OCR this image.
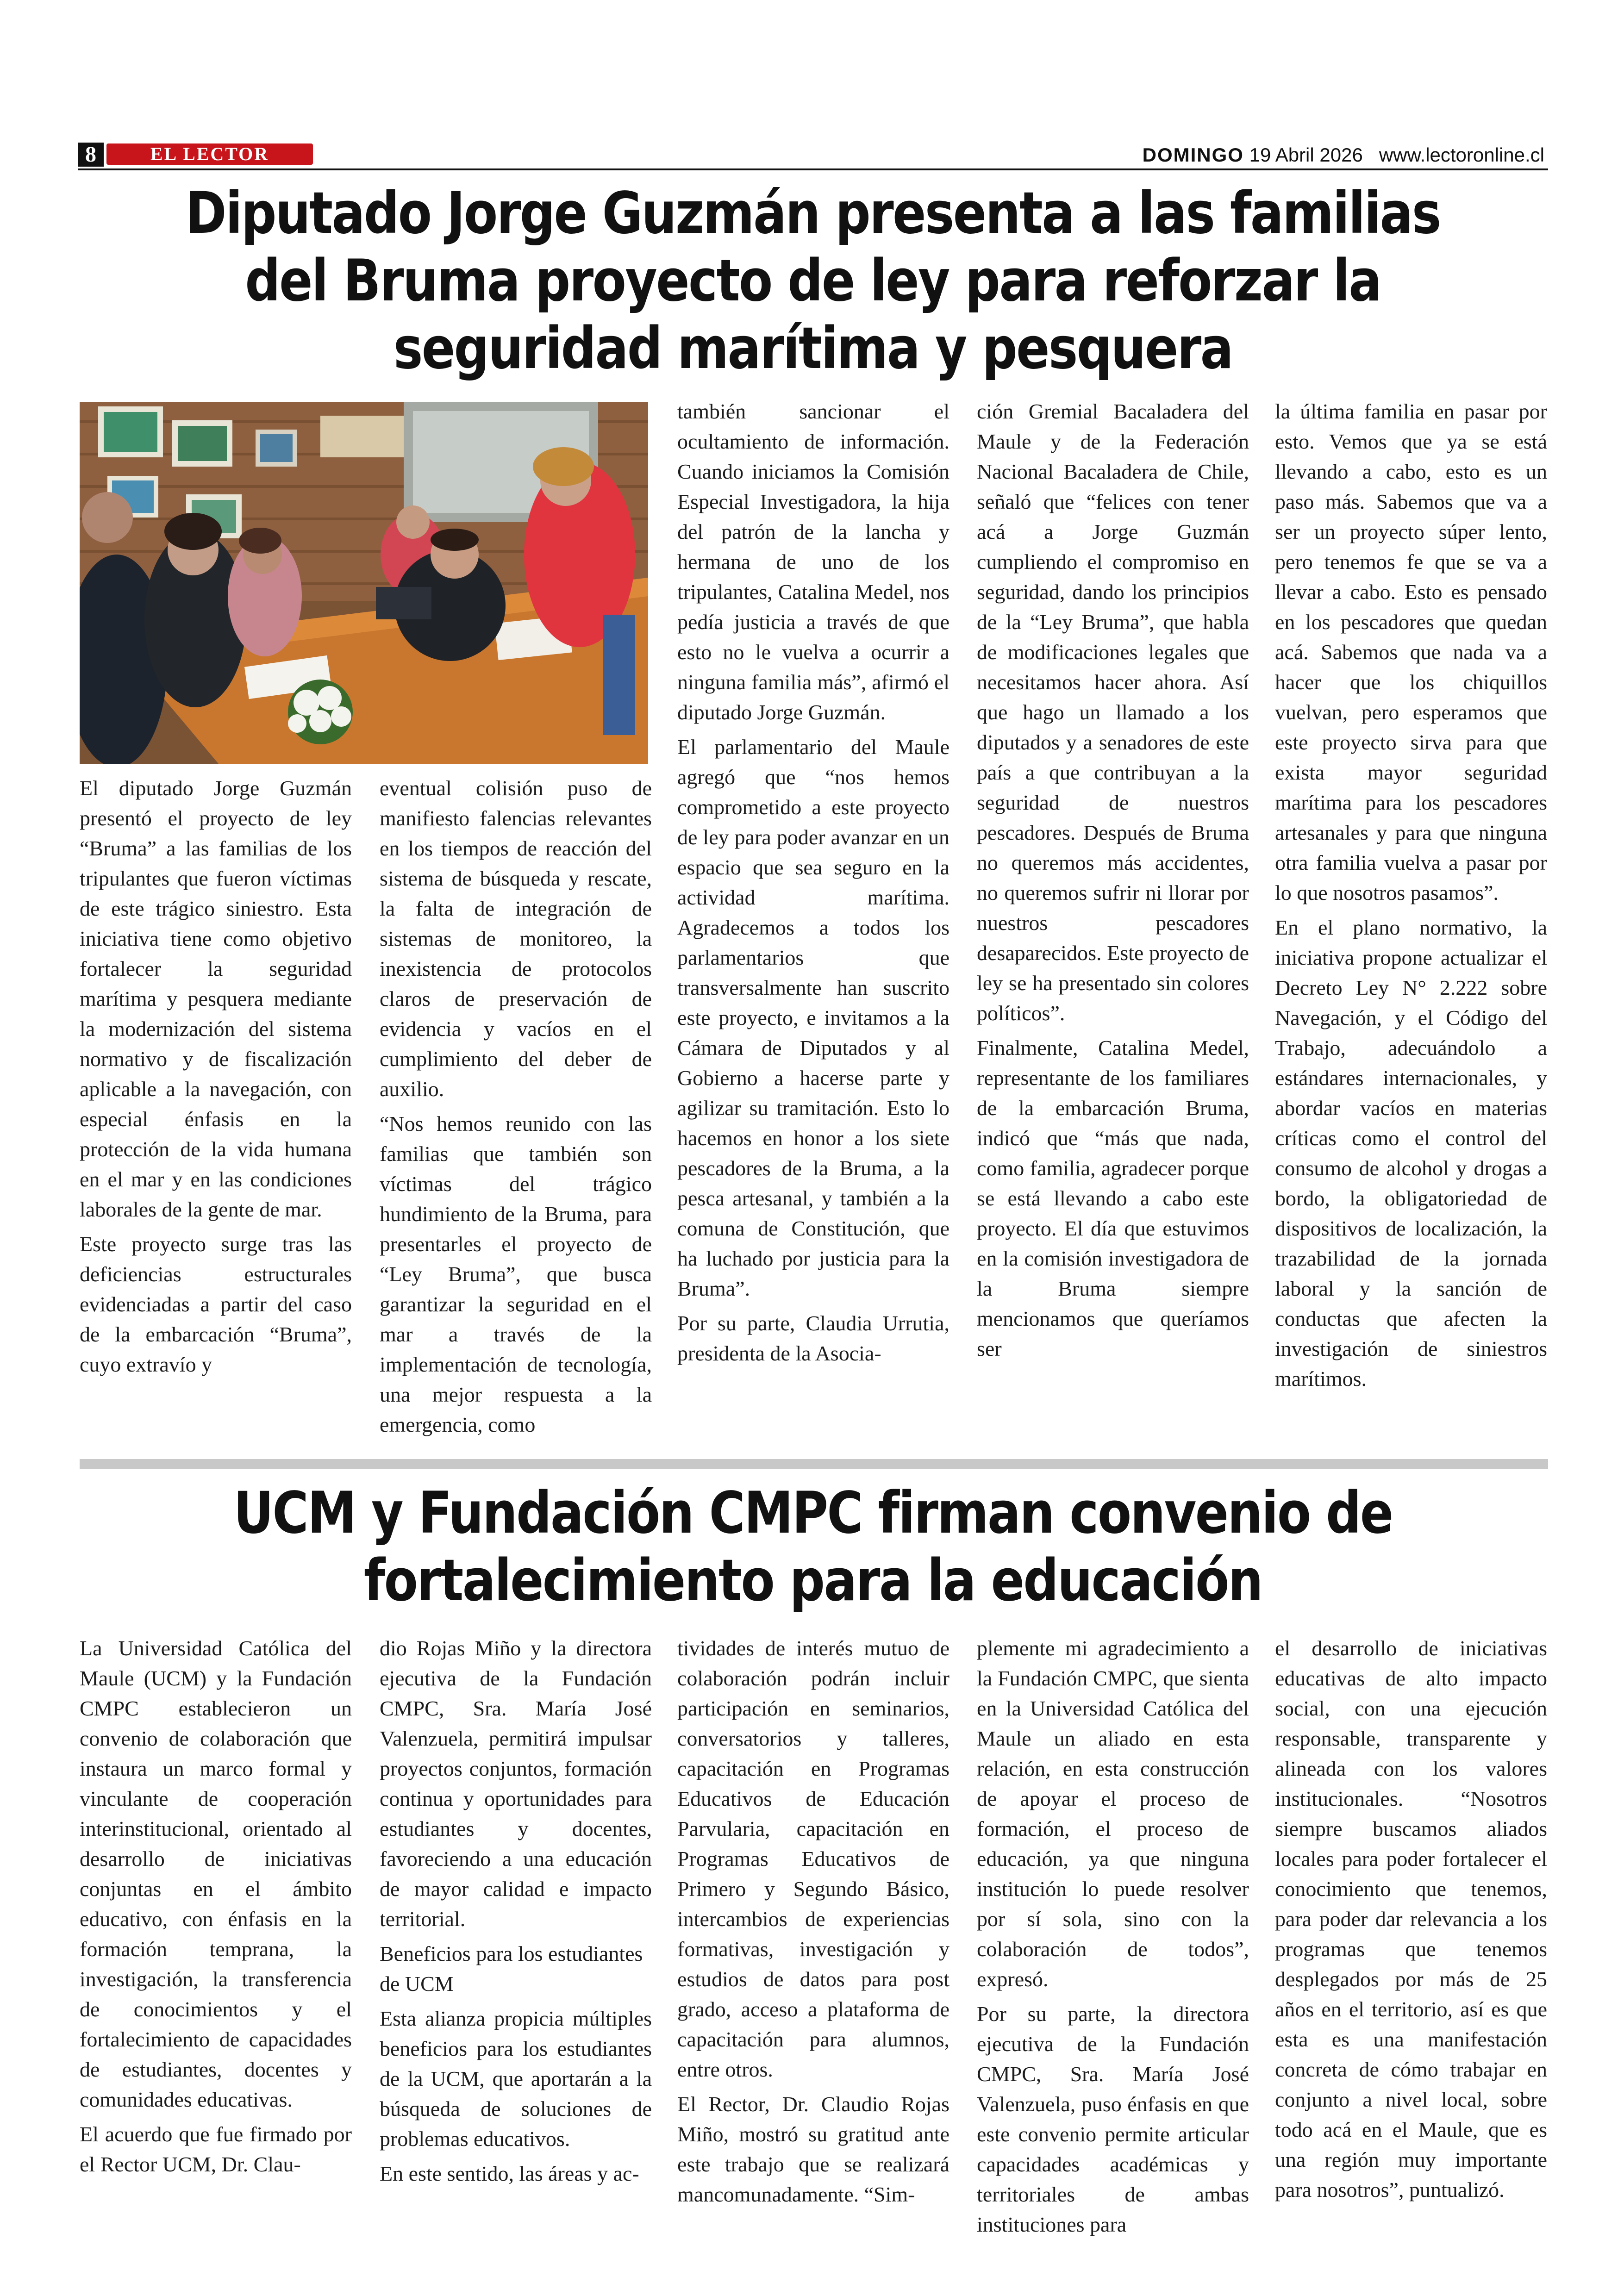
8	EL LECTOR	DOMINGO 19 Abril 2026 www.lectoronline.cl
Diputado Jorge Guzmán presenta a las familias del Bruma proyecto de ley para reforzar la seguridad marítima y pesquera

El diputado Jorge Guzmán presentó el proyecto de ley “Bruma” a las familias de los tripulantes que fueron víctimas de este trágico siniestro. Esta iniciativa tiene como objetivo fortalecer la seguridad marítima y pesquera mediante la modernización del sistema normativo y de fiscalización aplicable a la navegación, con especial énfasis en la protección de la vida humana en el mar y en las condiciones laborales de la gente de mar.

Este proyecto surge tras las deficiencias estructurales evidenciadas a partir del caso de la embarcación “Bruma”, cuyo extravío y

eventual colisión puso de manifiesto falencias relevantes en los tiempos de reacción del sistema de búsqueda y rescate, la falta de integración de sistemas de monitoreo, la inexistencia de protocolos claros de preservación de evidencia y vacíos en el cumplimiento del deber de auxilio.

“Nos hemos reunido con las familias que también son víctimas del trágico hundimiento de la Bruma, para presentarles el proyecto de “Ley Bruma”, que busca garantizar la seguridad en el mar a través de la implementación de tecnología, una mejor respuesta a la emergencia, como

también sancionar el ocultamiento de información. Cuando iniciamos la Comisión Especial Investigadora, la hija del patrón de la lancha y hermana de uno de los tripulantes, Catalina Medel, nos pedía justicia a través de que esto no le vuelva a ocurrir a ninguna familia más”, afirmó el diputado Jorge Guzmán.

El parlamentario del Maule agregó que “nos hemos comprometido a este proyecto de ley para poder avanzar en un espacio que sea seguro en la actividad marítima. Agradecemos a todos los parlamentarios que transversalmente han suscrito este proyecto, e invitamos a la Cámara de Diputados y al Gobierno a hacerse parte y agilizar su tramitación. Esto lo hacemos en honor a los siete pescadores de la Bruma, a la pesca artesanal, y también a la comuna de Constitución, que ha luchado por justicia para la Bruma”.

Por su parte, Claudia Urrutia, presidenta de la Asocia-

ción Gremial Bacaladera del Maule y de la Federación Nacional Bacaladera de Chile, señaló que “felices con tener acá a Jorge Guzmán cumpliendo el compromiso en seguridad, dando los principios de la “Ley Bruma”, que habla de modificaciones legales que necesitamos hacer ahora. Así que hago un llamado a los diputados y a senadores de este país a que contribuyan a la seguridad de nuestros pescadores. Después de Bruma no queremos más accidentes, no queremos sufrir ni llorar por nuestros pescadores desaparecidos. Este proyecto de ley se ha presentado sin colores políticos”.

Finalmente, Catalina Medel, representante de los familiares de la embarcación Bruma, indicó que “más que nada, como familia, agradecer porque se está llevando a cabo este proyecto. El día que estuvimos en la comisión investigadora de la Bruma siempre mencionamos que queríamos ser

la última familia en pasar por esto. Vemos que ya se está llevando a cabo, esto es un paso más. Sabemos que va a ser un proyecto súper lento, pero tenemos fe que se va a llevar a cabo. Esto es pensado en los pescadores que quedan acá. Sabemos que nada va a hacer que los chiquillos vuelvan, pero esperamos que este proyecto sirva para que exista mayor seguridad marítima para los pescadores artesanales y para que ninguna otra familia vuelva a pasar por lo que nosotros pasamos”.

En el plano normativo, la iniciativa propone actualizar el Decreto Ley N° 2.222 sobre Navegación, y el Código del Trabajo, adecuándolo a estándares internacionales, y abordar vacíos en materias críticas como el control del consumo de alcohol y drogas a bordo, la obligatoriedad de dispositivos de localización, la trazabilidad de la jornada laboral y la sanción de conductas que afecten la investigación de siniestros marítimos.

UCM y Fundación CMPC firman convenio de fortalecimiento para la educación

La Universidad Católica del Maule (UCM) y la Fundación CMPC establecieron un convenio de colaboración que instaura un marco formal y vinculante de cooperación interinstitucional, orientado al desarrollo de iniciativas conjuntas en el ámbito educativo, con énfasis en la formación temprana, la investigación, la transferencia de conocimientos y el fortalecimiento de capacidades de estudiantes, docentes y comunidades educativas.

El acuerdo que fue firmado por el Rector UCM, Dr. Clau-

dio Rojas Miño y la directora ejecutiva de la Fundación CMPC, Sra. María José Valenzuela, permitirá impulsar proyectos conjuntos, formación continua y oportunidades para estudiantes y docentes, favoreciendo a una educación de mayor calidad e impacto territorial.

Beneficios para los estudiantes de UCM

Esta alianza propicia múltiples beneficios para los estudiantes de la UCM, que aportarán a la búsqueda de soluciones de problemas educativos.

En este sentido, las áreas y ac-

tividades de interés mutuo de colaboración podrán incluir participación en seminarios, conversatorios y talleres, capacitación en Programas Educativos de Educación Parvularia, capacitación en Programas Educativos de Primero y Segundo Básico, intercambios de experiencias formativas, investigación y estudios de datos para post grado, acceso a plataforma de capacitación para alumnos, entre otros.

El Rector, Dr. Claudio Rojas Miño, mostró su gratitud ante este trabajo que se realizará mancomunadamente. “Sim-

plemente mi agradecimiento a la Fundación CMPC, que sienta en la Universidad Católica del Maule un aliado en esta relación, en esta construcción de apoyar el proceso de formación, el proceso de educación, ya que ninguna institución lo puede resolver por sí sola, sino con la colaboración de todos”, expresó.

Por su parte, la directora ejecutiva de la Fundación CMPC, Sra. María José Valenzuela, puso énfasis en que este convenio permite articular capacidades académicas y territoriales de ambas instituciones para

el desarrollo de iniciativas educativas de alto impacto social, con una ejecución responsable, transparente y alineada con los valores institucionales. “Nosotros siempre buscamos aliados locales para poder fortalecer el conocimiento que tenemos, para poder dar relevancia a los programas que tenemos desplegados por más de 25 años en el territorio, así es que esta es una manifestación concreta de cómo trabajar en conjunto a nivel local, sobre todo acá en el Maule, que es una región muy importante para nosotros”, puntualizó.
